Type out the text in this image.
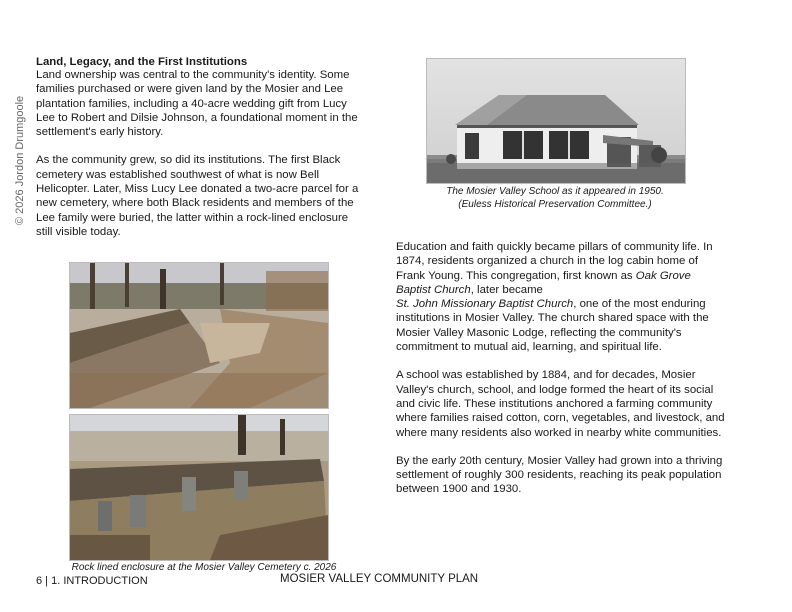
© 2026 Jordon Drumgoole
Land, Legacy, and the First Institutions

Land ownership was central to the community's identity. Some families purchased or were given land by the Mosier and Lee plantation families, including a 40-acre wedding gift from Lucy Lee to Robert and Dilsie Johnson, a foundational moment in the settlement's early history.

As the community grew, so did its institutions. The first Black cemetery was established southwest of what is now Bell Helicopter. Later, Miss Lucy Lee donated a two-acre parcel for a new cemetery, where both Black residents and members of the Lee family were buried, the latter within a rock-lined enclosure still visible today.

The Mosier Valley School as it appeared in 1950.
(Euless Historical Preservation Committee.)
Rock lined enclosure at the Mosier Valley Cemetery c. 2026

Education and faith quickly became pillars of community life. In 1874, residents organized a church in the log cabin home of Frank Young. This congregation, first known as Oak Grove Baptist Church, later became
St. John Missionary Baptist Church, one of the most enduring institutions in Mosier Valley. The church shared space with the Mosier Valley Masonic Lodge, reflecting the community's commitment to mutual aid, learning, and spiritual life.

A school was established by 1884, and for decades, Mosier Valley's church, school, and lodge formed the heart of its social and civic life. These institutions anchored a farming community where families raised cotton, corn, vegetables, and livestock, and where many residents also worked in nearby white communities.

By the early 20th century, Mosier Valley had grown into a thriving settlement of roughly 300 residents, reaching its peak population between 1900 and 1930.

6 | 1. INTRODUCTION	MOSIER VALLEY COMMUNITY PLAN
